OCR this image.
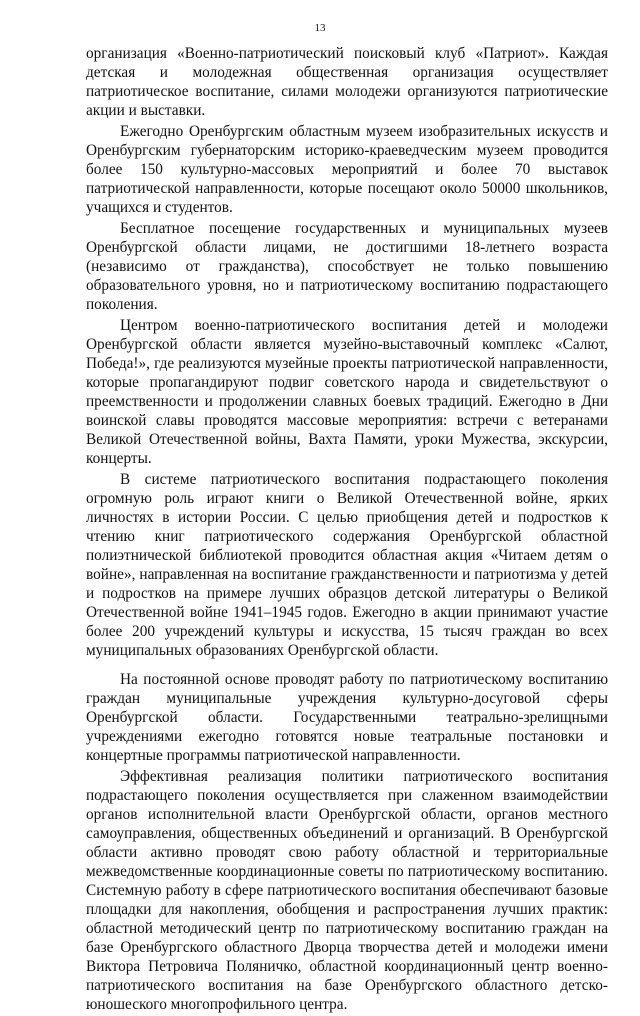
13

организация «Военно-патриотический поисковый клуб «Патриот». Каждая детская и молодежная общественная организация осуществляет патриотическое воспитание, силами молодежи организуются патриотические акции и выставки.

Ежегодно Оренбургским областным музеем изобразительных искусств и Оренбургским губернаторским историко-краеведческим музеем проводится более 150 культурно-массовых мероприятий и более 70 выставок патриотической направленности, которые посещают около 50000 школьников, учащихся и студентов.

Бесплатное посещение государственных и муниципальных музеев Оренбургской области лицами, не достигшими 18-летнего возраста (независимо от гражданства), способствует не только повышению образовательного уровня, но и патриотическому воспитанию подрастающего поколения.

Центром военно-патриотического воспитания детей и молодежи Оренбургской области является музейно-выставочный комплекс «Салют, Победа!», где реализуются музейные проекты патриотической направленности, которые пропагандируют подвиг советского народа и свидетельствуют о преемственности и продолжении славных боевых традиций. Ежегодно в Дни воинской славы проводятся массовые мероприятия: встречи с ветеранами Великой Отечественной войны, Вахта Памяти, уроки Мужества, экскурсии, концерты.

В системе патриотического воспитания подрастающего поколения огромную роль играют книги о Великой Отечественной войне, ярких личностях в истории России. С целью приобщения детей и подростков к чтению книг патриотического содержания Оренбургской областной полиэтнической библиотекой проводится областная акция «Читаем детям о войне», направленная на воспитание гражданственности и патриотизма у детей и подростков на примере лучших образцов детской литературы о Великой Отечественной войне 1941–1945 годов. Ежегодно в акции принимают участие более 200 учреждений культуры и искусства, 15 тысяч граждан во всех муниципальных образованиях Оренбургской области.

На постоянной основе проводят работу по патриотическому воспитанию граждан муниципальные учреждения культурно-досуговой сферы Оренбургской области. Государственными театрально-зрелищными учреждениями ежегодно готовятся новые театральные постановки и концертные программы патриотической направленности.

Эффективная реализация политики патриотического воспитания подрастающего поколения осуществляется при слаженном взаимодействии органов исполнительной власти Оренбургской области, органов местного самоуправления, общественных объединений и организаций. В Оренбургской области активно проводят свою работу областной и территориальные межведомственные координационные советы по патриотическому воспитанию. Системную работу в сфере патриотического воспитания обеспечивают базовые площадки для накопления, обобщения и распространения лучших практик: областной методический центр по патриотическому воспитанию граждан на базе Оренбургского областного Дворца творчества детей и молодежи имени Виктора Петровича Поляничко, областной координационный центр военно-патриотического воспитания на базе Оренбургского областного детско-юношеского многопрофильного центра.
